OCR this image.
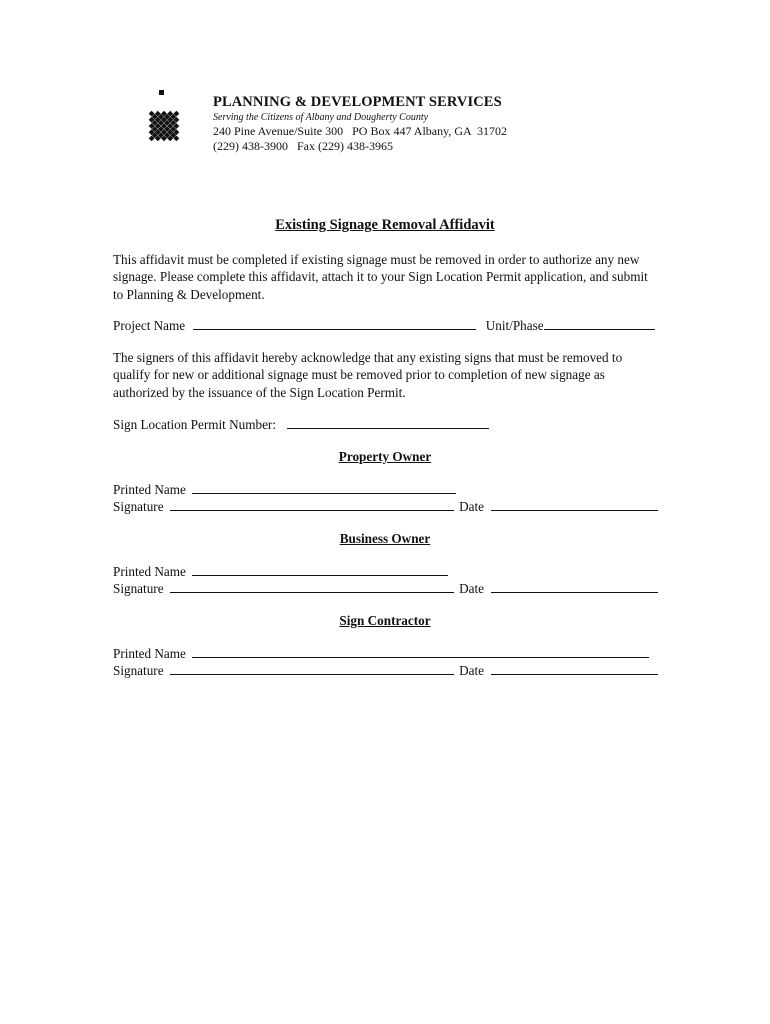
PLANNING & DEVELOPMENT SERVICES
Serving the Citizens of Albany and Dougherty County
240 Pine Avenue/Suite 300   PO Box 447 Albany, GA  31702
(229) 438-3900   Fax (229) 438-3965
Existing Signage Removal Affidavit
This affidavit must be completed if existing signage must be removed in order to authorize any new signage. Please complete this affidavit, attach it to your Sign Location Permit application, and submit to Planning & Development.
Project Name	Unit/Phase
The signers of this affidavit hereby acknowledge that any existing signs that must be removed to qualify for new or additional signage must be removed prior to completion of new signage as authorized by the issuance of the Sign Location Permit.
Sign Location Permit Number:
Property Owner
Printed Name
Signature	Date
Business Owner
Printed Name
Signature	Date
Sign Contractor
Printed Name
Signature	Date
